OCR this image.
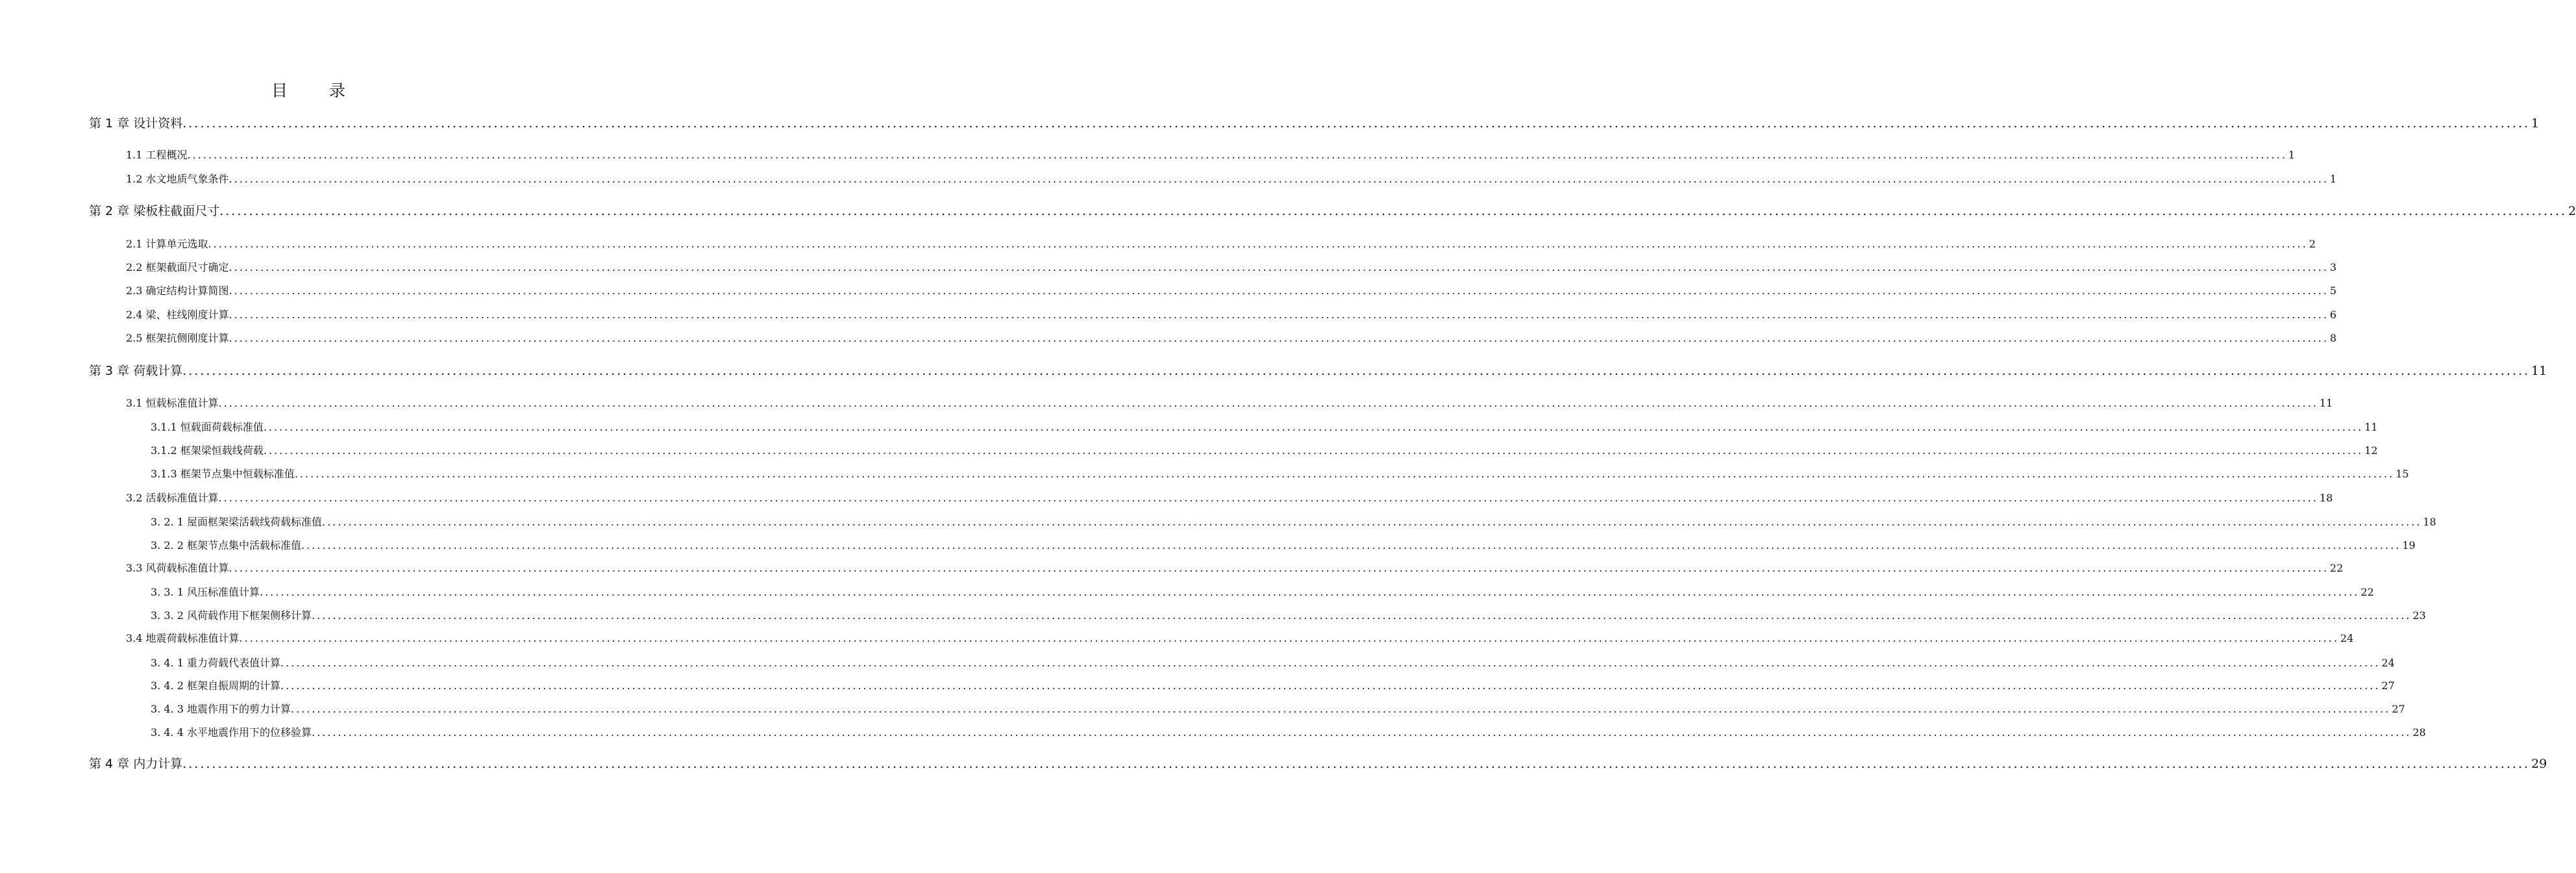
目 录
第 1 章 设计资料 ................................................................................................................................................................................................................................................................................................................................................................................................................ 1
1.1 工程概况 ................................................................................................................................................................................................................................................................................................................................................................................................................ 1
1.2 水文地质气象条件 ................................................................................................................................................................................................................................................................................................................................................................................................................ 1
第 2 章 梁板柱截面尺寸 ................................................................................................................................................................................................................................................................................................................................................................................................................ 2
2.1 计算单元选取 ................................................................................................................................................................................................................................................................................................................................................................................................................ 2
2.2 框架截面尺寸确定 ................................................................................................................................................................................................................................................................................................................................................................................................................ 3
2.3 确定结构计算简图 ................................................................................................................................................................................................................................................................................................................................................................................................................ 5
2.4 梁、柱线刚度计算 ................................................................................................................................................................................................................................................................................................................................................................................................................ 6
2.5 框架抗侧刚度计算 ................................................................................................................................................................................................................................................................................................................................................................................................................ 8
第 3 章 荷载计算 ................................................................................................................................................................................................................................................................................................................................................................................................................ 11
3.1 恒载标准值计算 ................................................................................................................................................................................................................................................................................................................................................................................................................ 11
3.1.1 恒载面荷载标准值 ................................................................................................................................................................................................................................................................................................................................................................................................................ 11
3.1.2 框架梁恒载线荷载 ................................................................................................................................................................................................................................................................................................................................................................................................................ 12
3.1.3 框架节点集中恒载标准值 ................................................................................................................................................................................................................................................................................................................................................................................................................ 15
3.2 活载标准值计算 ................................................................................................................................................................................................................................................................................................................................................................................................................ 18
3. 2. 1 屋面框架梁活载线荷载标准值 ................................................................................................................................................................................................................................................................................................................................................................................................................ 18
3. 2. 2 框架节点集中活载标准值 ................................................................................................................................................................................................................................................................................................................................................................................................................ 19
3.3 风荷载标准值计算 ................................................................................................................................................................................................................................................................................................................................................................................................................ 22
3. 3. 1 风压标准值计算 ................................................................................................................................................................................................................................................................................................................................................................................................................ 22
3. 3. 2 风荷载作用下框架侧移计算 ................................................................................................................................................................................................................................................................................................................................................................................................................ 23
3.4 地震荷载标准值计算 ................................................................................................................................................................................................................................................................................................................................................................................................................ 24
3. 4. 1 重力荷载代表值计算 ................................................................................................................................................................................................................................................................................................................................................................................................................ 24
3. 4. 2 框架自振周期的计算 ................................................................................................................................................................................................................................................................................................................................................................................................................ 27
3. 4. 3 地震作用下的剪力计算 ................................................................................................................................................................................................................................................................................................................................................................................................................ 27
3. 4. 4 水平地震作用下的位移验算 ................................................................................................................................................................................................................................................................................................................................................................................................................ 28
第 4 章 内力计算 ................................................................................................................................................................................................................................................................................................................................................................................................................ 29
